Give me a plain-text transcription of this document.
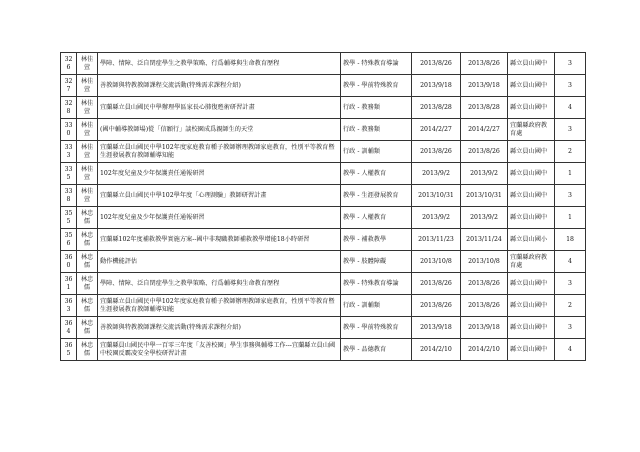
326	林佳萱	學障、情障、泛自閉症學生之教學策略、行爲輔導與生命教育歷程	教學 - 特殊教育導論	2013/8/26	2013/8/26	縣立員山國中	3
327	林佳萱	善教師與特教教師課程交流活動(特殊需求課程介紹)	教學 - 學前特殊教育	2013/9/18	2013/9/18	縣立員山國中	3
328	林佳萱	宜蘭縣立員山國民中學辦理學區家長心肺復甦術研習計畫	行政 - 教務類	2013/8/28	2013/8/28	縣立員山國中	4
330	林佳萱	(國中輔導教師場)從「信願行」談校園成爲親師生的天堂	行政 - 教務類	2014/2/27	2014/2/27	宜蘭縣政府教育處	3
333	林佳萱	宜蘭縣立員山國民中學102年度家庭教育種子教師辦理教師家庭教育，性別平等教育暨生涯發展教育教師輔導知能	行政 - 訓輔類	2013/8/26	2013/8/26	縣立員山國中	2
335	林佳萱	102年度兒童及少年保護責任通報研習	教學 - 人權教育	2013/9/2	2013/9/2	縣立員山國中	1
338	林佳萱	宜蘭縣立員山國民中學102學年度「心理測驗」教師研習計畫	教學 - 生涯發展教育	2013/10/31	2013/10/31	縣立員山國中	3
355	林忠儒	102年度兒童及少年保護責任通報研習	教學 - 人權教育	2013/9/2	2013/9/2	縣立員山國中	1
356	林忠儒	宜蘭縣102年度補救教學實施方案--國中非現職教師補救教學增能18小時研習	教學 - 補救教學	2013/11/23	2013/11/24	縣立員山國小	18
360	林忠儒	動作機能評估	教學 - 肢體障礙	2013/10/8	2013/10/8	宜蘭縣政府教育處	4
361	林忠儒	學障、情障、泛自閉症學生之教學策略、行爲輔導與生命教育歷程	教學 - 特殊教育導論	2013/8/26	2013/8/26	縣立員山國中	3
363	林忠儒	宜蘭縣立員山國民中學102年度家庭教育種子教師辦理教師家庭教育，性別平等教育暨生涯發展教育教師輔導知能	行政 - 訓輔類	2013/8/26	2013/8/26	縣立員山國中	2
364	林忠儒	善教師與特教教師課程交流活動(特殊需求課程介紹)	教學 - 學前特殊教育	2013/9/18	2013/9/18	縣立員山國中	3
365	林忠儒	宜蘭縣員山國民中學一百零三年度「友善校園」學生事務與輔導工作---宜蘭縣立員山國中校園反霸凌安全學校研習計畫	教學 - 品德教育	2014/2/10	2014/2/10	縣立員山國中	4
